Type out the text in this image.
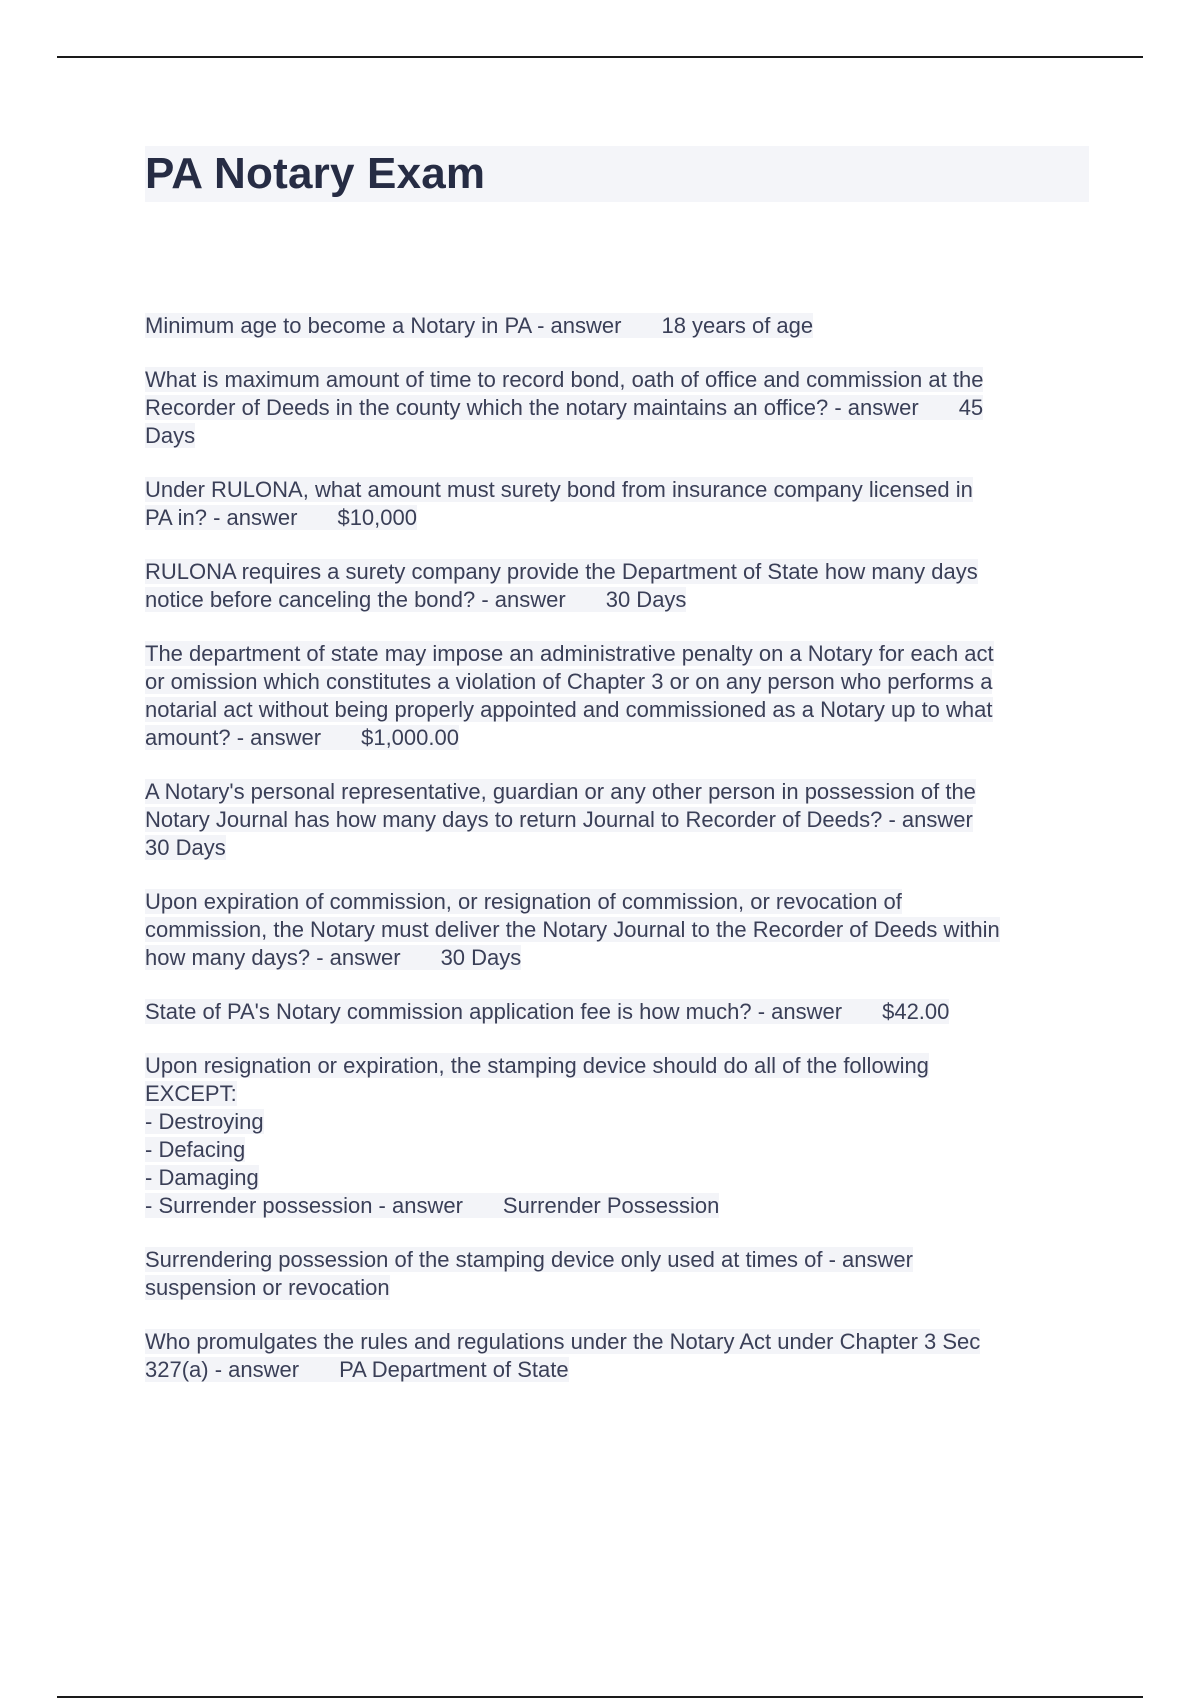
PA Notary Exam
Minimum age to become a Notary in PA - answer 18 years of age
What is maximum amount of time to record bond, oath of office and commission at the
Recorder of Deeds in the county which the notary maintains an office? - answer 45
Days
Under RULONA, what amount must surety bond from insurance company licensed in
PA in? - answer $10,000
RULONA requires a surety company provide the Department of State how many days
notice before canceling the bond? - answer 30 Days
The department of state may impose an administrative penalty on a Notary for each act
or omission which constitutes a violation of Chapter 3 or on any person who performs a
notarial act without being properly appointed and commissioned as a Notary up to what
amount? - answer $1,000.00
A Notary's personal representative, guardian or any other person in possession of the
Notary Journal has how many days to return Journal to Recorder of Deeds? - answer
30 Days
Upon expiration of commission, or resignation of commission, or revocation of
commission, the Notary must deliver the Notary Journal to the Recorder of Deeds within
how many days? - answer 30 Days
State of PA's Notary commission application fee is how much? - answer $42.00
Upon resignation or expiration, the stamping device should do all of the following
EXCEPT:
- Destroying
- Defacing
- Damaging
- Surrender possession - answer Surrender Possession
Surrendering possession of the stamping device only used at times of - answer
suspension or revocation
Who promulgates the rules and regulations under the Notary Act under Chapter 3 Sec
327(a) - answer PA Department of State
